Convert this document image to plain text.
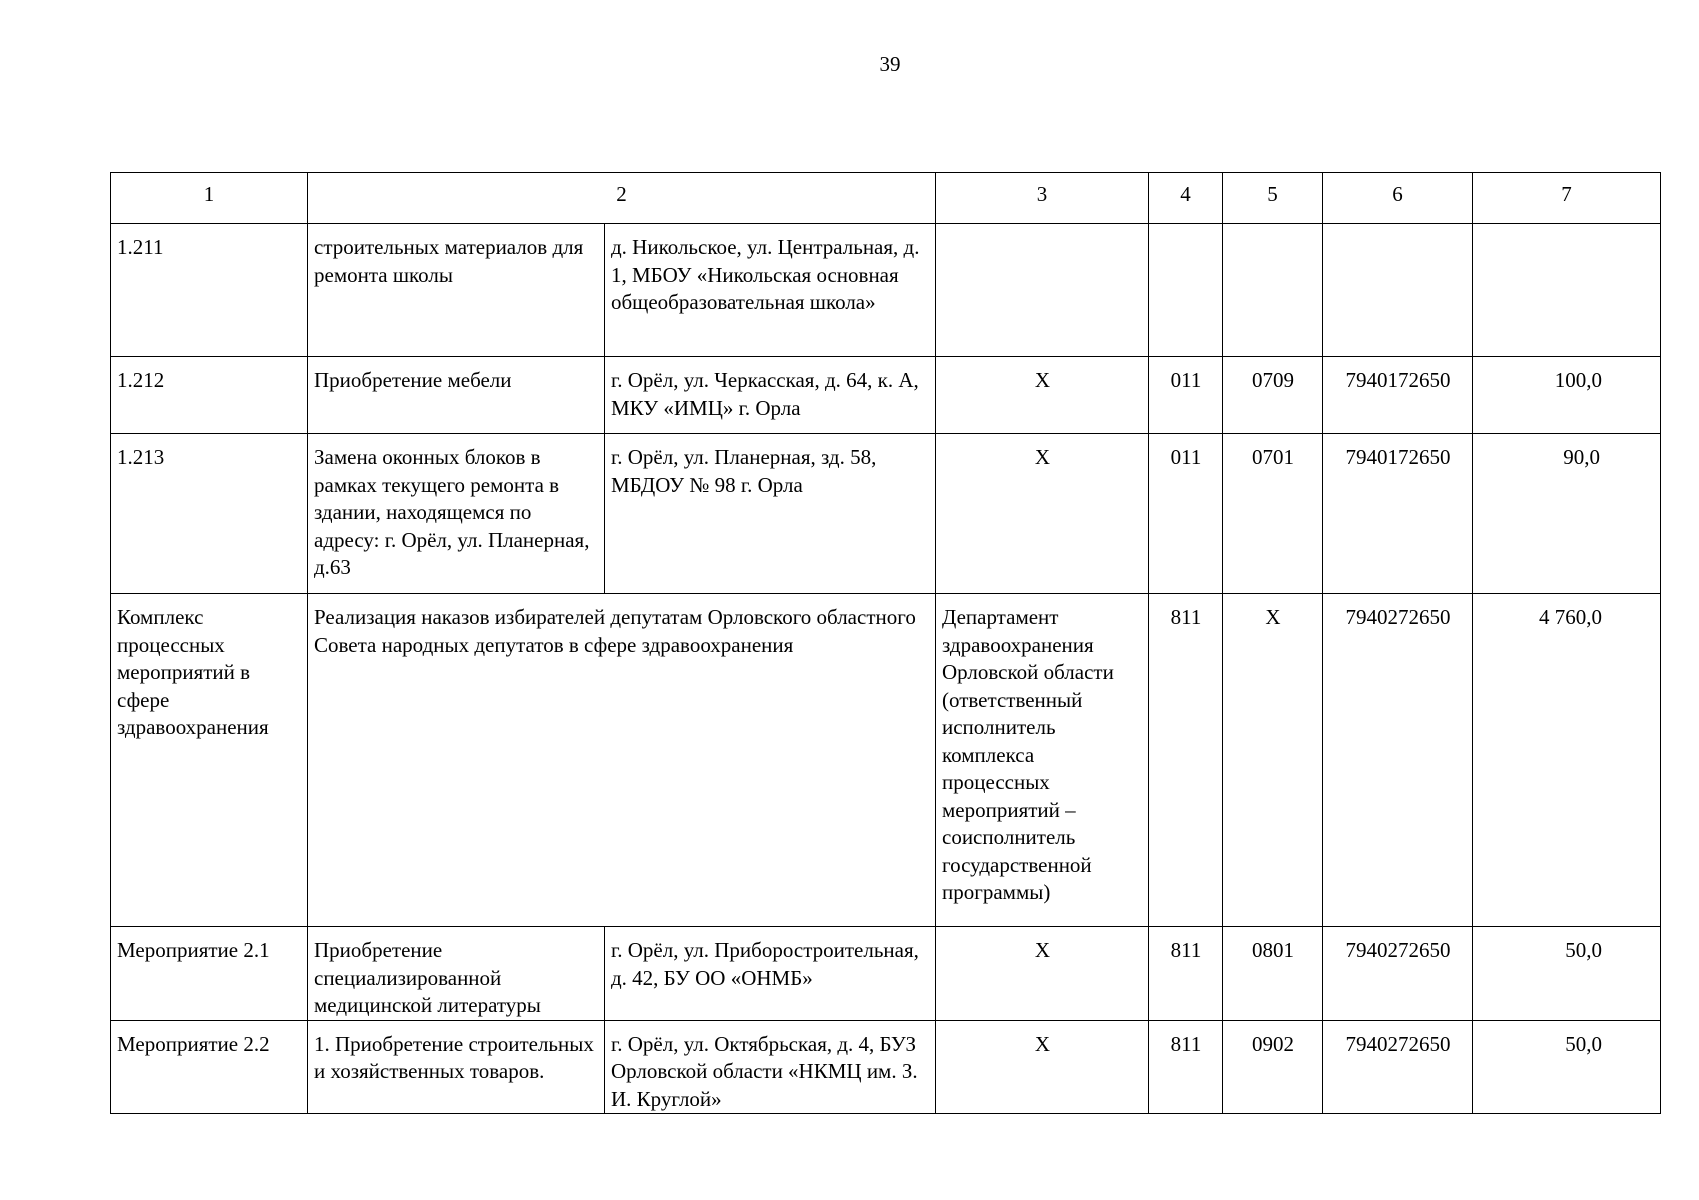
39
1	2		3	4	5	6	7
1.211	строительных материалов для ремонта школы	д. Никольское, ул. Центральная, д. 1, МБОУ «Никольская основная общеобразовательная школа»					
1.212	Приобретение мебели	г. Орёл, ул. Черкасская, д. 64, к. А, МКУ «ИМЦ» г. Орла	Х	011	0709	7940172650	100,0
1.213	Замена оконных блоков в рамках текущего ремонта в здании, находящемся по адресу: г. Орёл, ул. Планерная, д.63	г. Орёл, ул. Планерная, зд. 58, МБДОУ № 98 г. Орла	Х	011	0701	7940172650	90,0
Комплекс процессных мероприятий в сфере здравоохранения	Реализация наказов избирателей депутатам Орловского областного Совета народных депутатов в сфере здравоохранения		Департамент здравоохранения Орловской области (ответственный исполнитель комплекса процессных мероприятий – соисполнитель государственной программы)	811	Х	7940272650	4 760,0
Мероприятие 2.1	Приобретение специализированной медицинской литературы	г. Орёл, ул. Приборостроительная, д. 42, БУ ОО «ОНМБ»	Х	811	0801	7940272650	50,0
Мероприятие 2.2	1. Приобретение строительных и хозяйственных товаров.	г. Орёл, ул. Октябрьская, д. 4, БУЗ Орловской области «НКМЦ им. З. И. Круглой»	Х	811	0902	7940272650	50,0
